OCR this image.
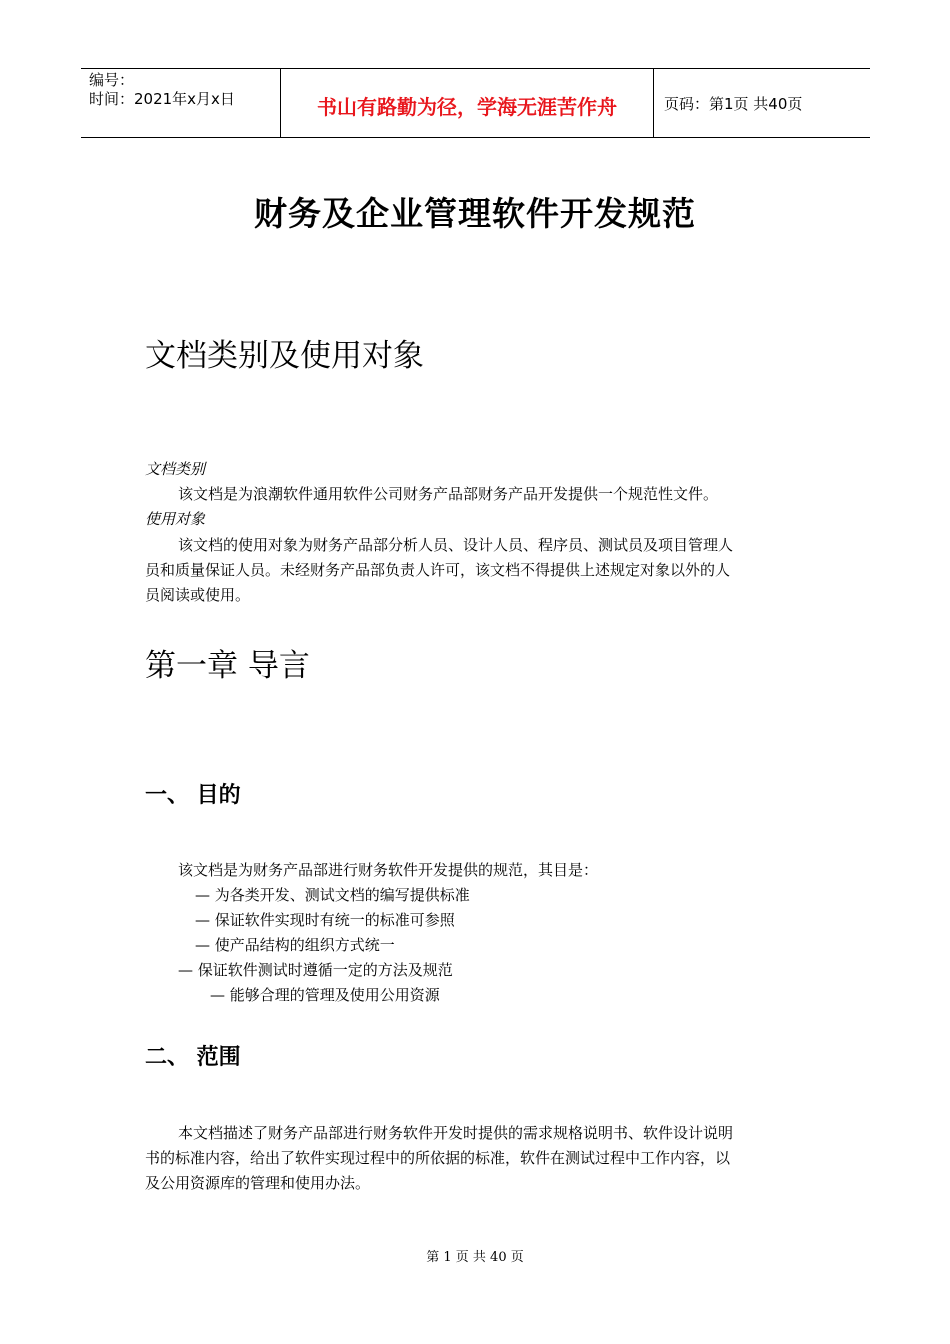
编号：
时间：2021年x月x日	书山有路勤为径，学海无涯苦作舟	页码：第1页 共40页
财务及企业管理软件开发规范
文档类别及使用对象
文档类别
该文档是为浪潮软件通用软件公司财务产品部财务产品开发提供一个规范性文件。
使用对象
该文档的使用对象为财务产品部分析人员、设计人员、程序员、测试员及项目管理人
员和质量保证人员。未经财务产品部负责人许可，该文档不得提供上述规定对象以外的人
员阅读或使用。
第一章 导言
一、 目的
该文档是为财务产品部进行财务软件开发提供的规范，其目是：
— 为各类开发、测试文档的编写提供标准
— 保证软件实现时有统一的标准可参照
— 使产品结构的组织方式统一
— 保证软件测试时遵循一定的方法及规范
— 能够合理的管理及使用公用资源
二、 范围
本文档描述了财务产品部进行财务软件开发时提供的需求规格说明书、软件设计说明
书的标准内容，给出了软件实现过程中的所依据的标准，软件在测试过程中工作内容，以
及公用资源库的管理和使用办法。
第 1 页 共 40 页
